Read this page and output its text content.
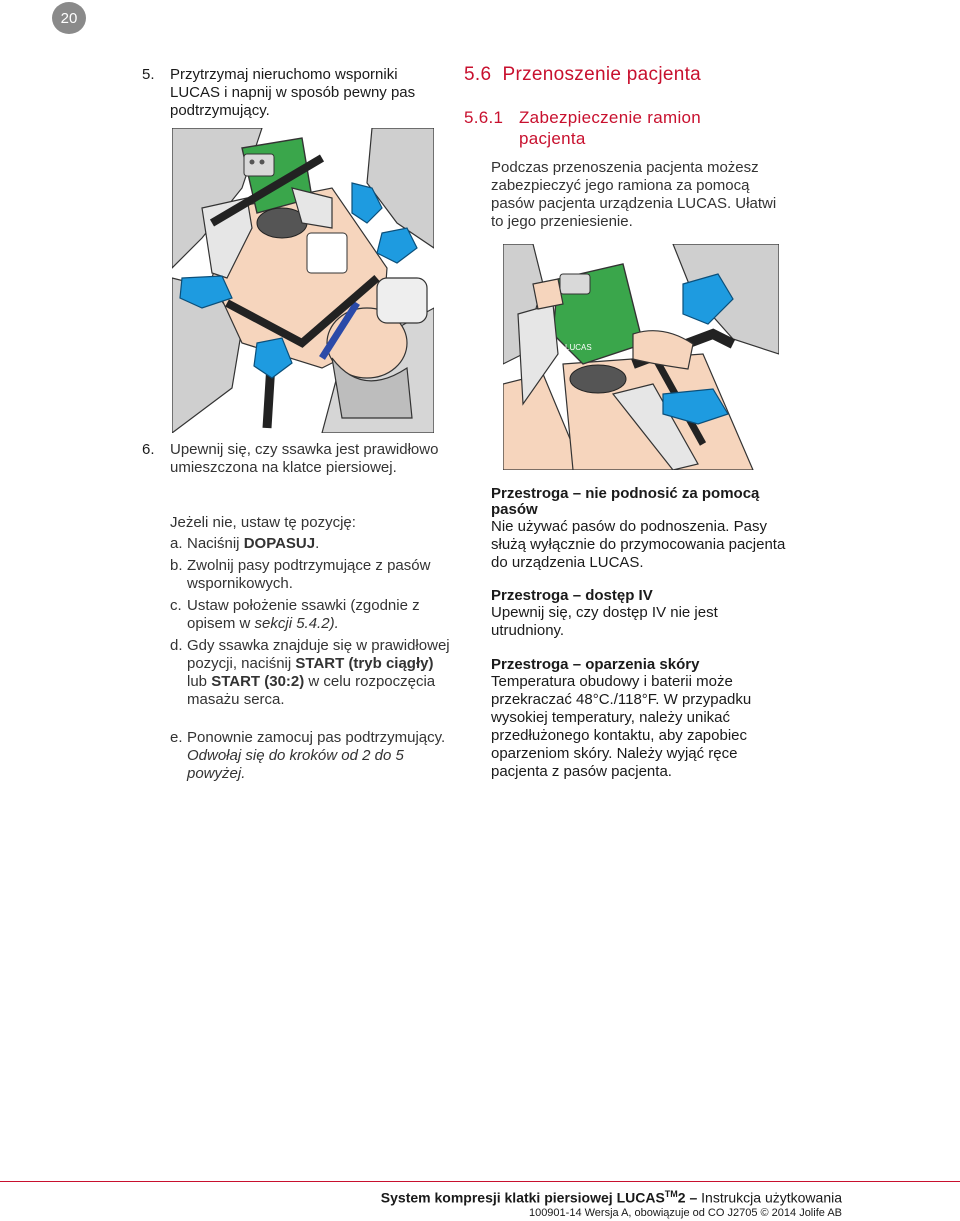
20
5. Przytrzymaj nieruchomo wsporniki LUCAS i napnij w sposób pewny pas podtrzymujący.
6. Upewnij się, czy ssawka jest prawidłowo umieszczona na klatce piersiowej.
Jeżeli nie, ustaw tę pozycję:
a. Naciśnij DOPASUJ.
b. Zwolnij pasy podtrzymujące z pasów wspornikowych.
c. Ustaw położenie ssawki (zgodnie z opisem w sekcji 5.4.2).
d. Gdy ssawka znajduje się w prawidłowej pozycji, naciśnij START (tryb ciągły) lub START (30:2) w celu rozpoczęcia masażu serca.
e. Ponownie zamocuj pas podtrzymujący. Odwołaj się do kroków od 2 do 5 powyżej.
5.6 Przenoszenie pacjenta
5.6.1 Zabezpieczenie ramion pacjenta
Podczas przenoszenia pacjenta możesz zabezpieczyć jego ramiona za pomocą pasów pacjenta urządzenia LUCAS. Ułatwi to jego przeniesienie.
LUCAS
Przestroga – nie podnosić za pomocą pasów
Nie używać pasów do podnoszenia. Pasy służą wyłącznie do przymocowania pacjenta do urządzenia LUCAS.
Przestroga – dostęp IV
Upewnij się, czy dostęp IV nie jest utrudniony.
Przestroga – oparzenia skóry
Temperatura obudowy i baterii może przekraczać 48°C./118°F. W przypadku wysokiej temperatury, należy unikać przedłużonego kontaktu, aby zapobiec oparzeniom skóry. Należy wyjąć ręce pacjenta z pasów pacjenta.
System kompresji klatki piersiowej LUCAS™2 – Instrukcja użytkowania
100901-14 Wersja A, obowiązuje od CO J2705 © 2014 Jolife AB
